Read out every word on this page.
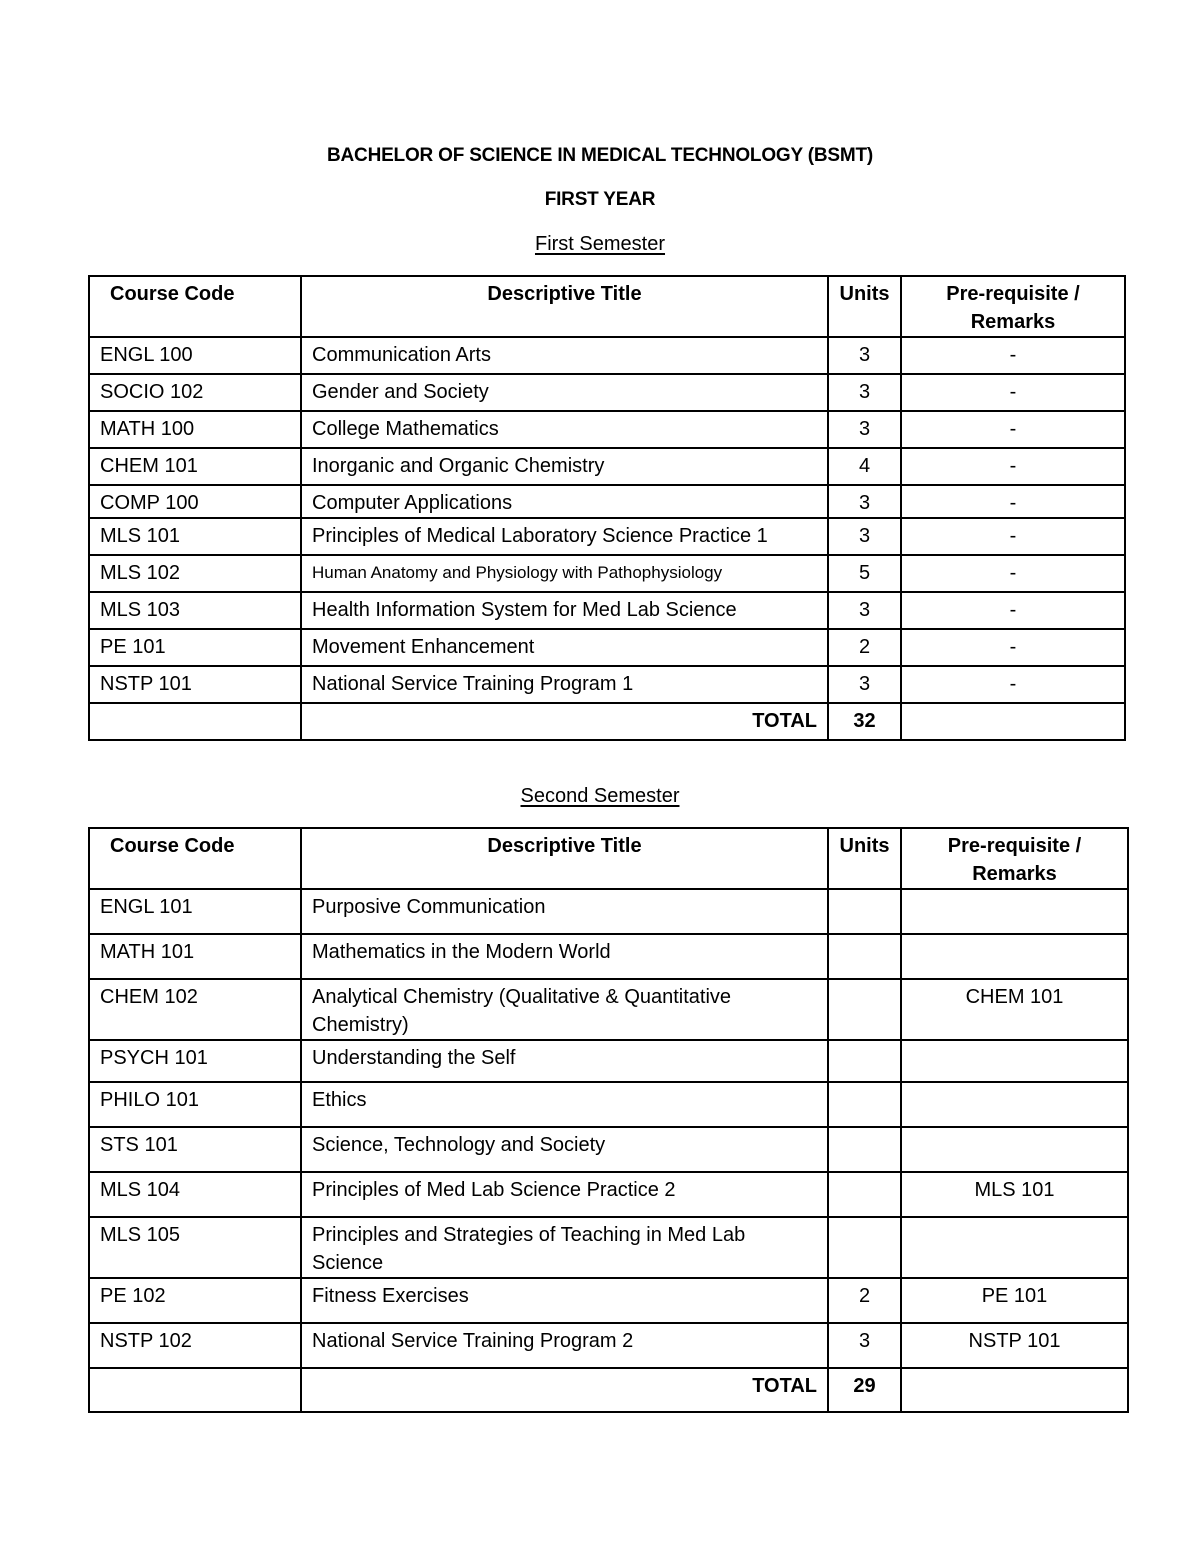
BACHELOR OF SCIENCE IN MEDICAL TECHNOLOGY (BSMT)
FIRST YEAR
First Semester
Course Code	Descriptive Title	Units	Pre-requisite / Remarks
ENGL 100	Communication Arts	3	-
SOCIO 102	Gender and Society	3	-
MATH 100	College Mathematics	3	-
CHEM 101	Inorganic and Organic Chemistry	4	-
COMP 100	Computer Applications	3	-
MLS 101	Principles of Medical Laboratory Science Practice 1	3	-
MLS 102	Human Anatomy and Physiology with Pathophysiology	5	-
MLS 103	Health Information System for Med Lab Science	3	-
PE 101	Movement Enhancement	2	-
NSTP 101	National Service Training Program 1	3	-
	TOTAL	32	
Second Semester
Course Code	Descriptive Title	Units	Pre-requisite / Remarks
ENGL 101	Purposive Communication		
MATH 101	Mathematics in the Modern World		
CHEM 102	Analytical Chemistry (Qualitative & Quantitative Chemistry)		CHEM 101
PSYCH 101	Understanding the Self		
PHILO 101	Ethics		
STS 101	Science, Technology and Society		
MLS 104	Principles of Med Lab Science Practice 2		MLS 101
MLS 105	Principles and Strategies of Teaching in Med Lab Science		
PE 102	Fitness Exercises	2	PE 101
NSTP 102	National Service Training Program 2	3	NSTP 101
	TOTAL	29	
